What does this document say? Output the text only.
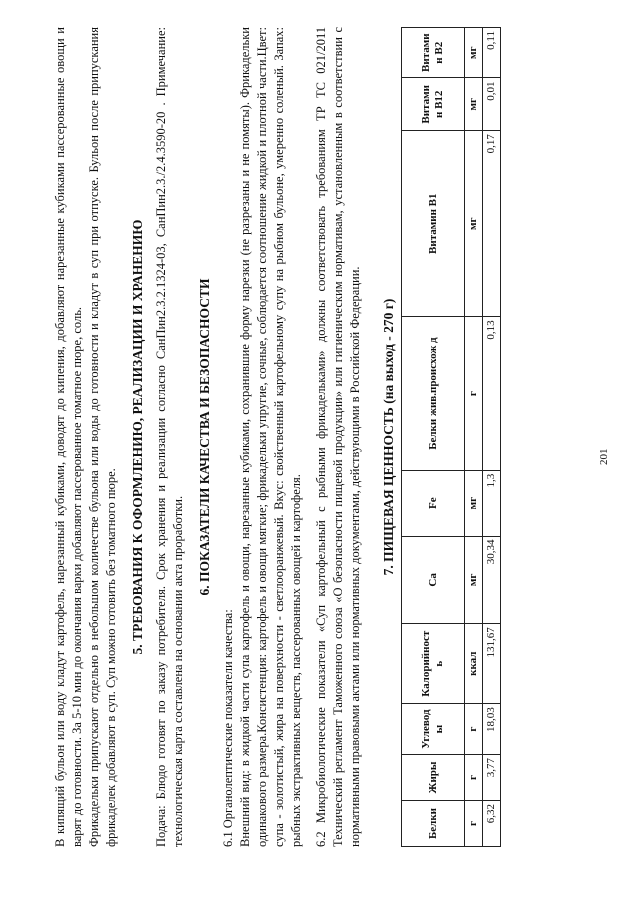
В кипящий бульон или воду кладут картофель, нарезанный кубиками, доводят до кипения, добавляют нарезанные кубиками пассерованные овощи и варят до готовности. За 5-10 мин до окончания варки добавляют пассерованное томатное пюре, соль. Фрикадельки припускают отдельно в небольшом количестве бульона или воды до готовности и кладут в суп при отпуске. Бульон после припускания фрикаделек добавляют в суп. Суп можно готовить без томатного пюре.

5. ТРЕБОВАНИЯ К ОФОРМЛЕНИЮ, РЕАЛИЗАЦИИ И ХРАНЕНИЮ Подача: Блюдо готовят по заказу потребителя. Срок хранения и реализации согласно СанПин2.3.2.1324-03, СанПин2.3./2.4.3590-20 . Примечание: технологическая карта составлена на основании акта проработки.

6. ПОКАЗАТЕЛИ КАЧЕСТВА И БЕЗОПАСНОСТИ

6.1 Органолептические показатели качества: Внешний вид: в жидкой части супа картофель и овощи, нарезанные кубиками, сохранившие форму нарезки (не разрезаны и не помяты). Фрикадельки одинакового размера.Консистенция: картофель и овощи мягкие; фрикадельки упругие, сочные, соблюдается соотношение жидкой и плотной части.Цвет: супа - золотистый, жира на поверхности - светлооранжевый. Вкус: свойственный картофельному супу на рыбном бульоне, умеренно соленый. Запах: рыбных экстрактивных веществ, пассерованных овощей и картофеля. 6.2 Микробиологические показатели «Суп картофельный с рыбными фрикадельками» должны соответствовать требованиям ТР ТС 021/2011 Технический регламент Таможенного союза «О безопасности пищевой продукции» или гигиеническим нормативам, установленным в соответствии с нормативными правовыми актами или нормативных документами, действующими в Российской Федерации. 7. ПИЩЕВАЯ ЦЕННОСТЬ (на выход - 270 г)

Белки	Жиры	Углевод ы	Калорийност ь	Ca	Fe	Белки жив.происхож д	Витамин B1	Витами н B12	Витами н B2
г	г	г	ккал	мг	мг	г	мг	мг	мг
6,32	3,77	18,03	131,67	30,34	1,3	0,13	0,17	0,01	0,11
201
